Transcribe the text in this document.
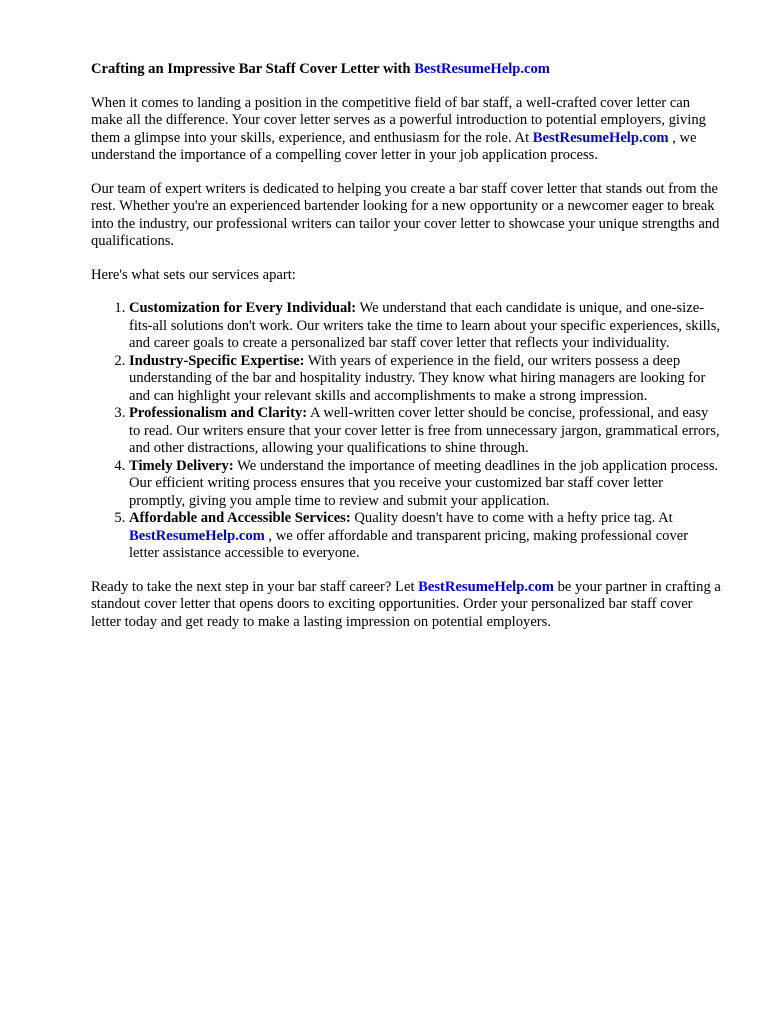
Crafting an Impressive Bar Staff Cover Letter with BestResumeHelp.com

When it comes to landing a position in the competitive field of bar staff, a well-crafted cover letter can make all the difference. Your cover letter serves as a powerful introduction to potential employers, giving them a glimpse into your skills, experience, and enthusiasm for the role. At BestResumeHelp.com , we understand the importance of a compelling cover letter in your job application process.

Our team of expert writers is dedicated to helping you create a bar staff cover letter that stands out from the rest. Whether you're an experienced bartender looking for a new opportunity or a newcomer eager to break into the industry, our professional writers can tailor your cover letter to showcase your unique strengths and qualifications.

Here's what sets our services apart:

1. Customization for Every Individual: We understand that each candidate is unique, and one-size-fits-all solutions don't work. Our writers take the time to learn about your specific experiences, skills, and career goals to create a personalized bar staff cover letter that reflects your individuality.
2. Industry-Specific Expertise: With years of experience in the field, our writers possess a deep understanding of the bar and hospitality industry. They know what hiring managers are looking for and can highlight your relevant skills and accomplishments to make a strong impression.
3. Professionalism and Clarity: A well-written cover letter should be concise, professional, and easy to read. Our writers ensure that your cover letter is free from unnecessary jargon, grammatical errors, and other distractions, allowing your qualifications to shine through.
4. Timely Delivery: We understand the importance of meeting deadlines in the job application process. Our efficient writing process ensures that you receive your customized bar staff cover letter promptly, giving you ample time to review and submit your application.
5. Affordable and Accessible Services: Quality doesn't have to come with a hefty price tag. At BestResumeHelp.com , we offer affordable and transparent pricing, making professional cover letter assistance accessible to everyone.

Ready to take the next step in your bar staff career? Let BestResumeHelp.com be your partner in crafting a standout cover letter that opens doors to exciting opportunities. Order your personalized bar staff cover letter today and get ready to make a lasting impression on potential employers.
